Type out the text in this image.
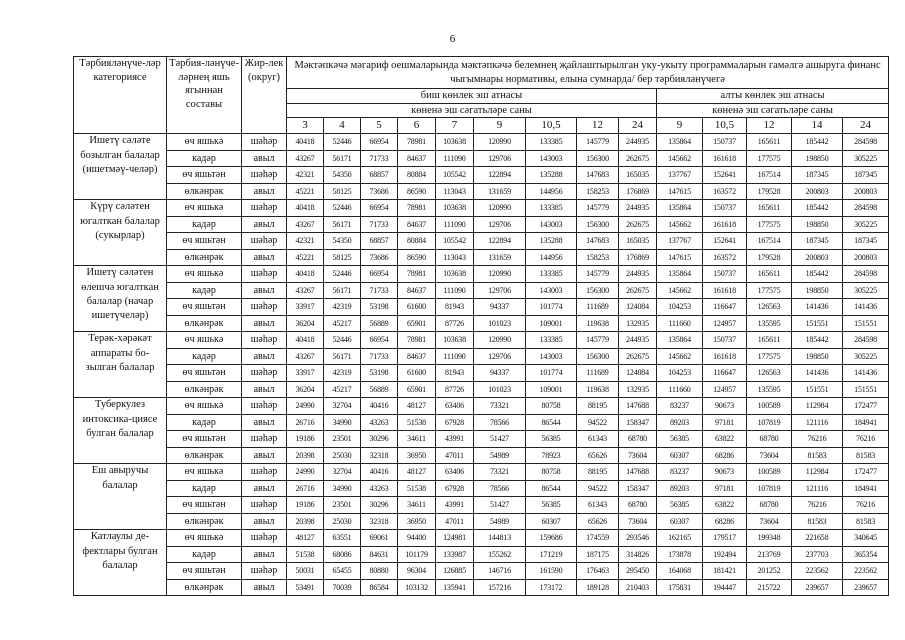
6
Тәрбияләнүче-ләр категориясе	Тәрбия-ләнүче-ләрнең яшь ягыннан составы	Жир-лек (округ)	Мәктәпкәчә мәгариф оешмаларында мәктәпкәчә белемнең җайлаштырылган уку-укыту программаларын гамәлгә ашыруга финанс чыгымнары нормативы, елына сумнарда/ бер тәрбияләнүчегә													
			биш көнлек эш атнасы									алты көнлек эш атнасы				
			көненә эш сәгатьләре саны									көненә эш сәгатьләре саны				
			3	4	5	6	7	9	10,5	12	24	9	10,5	12	14	24
Ишетү сәләте бозылган балалар (ишетмәү-челәр)	өч яшькә	шәһәр	40418	52446	66954	78981	103638	120990	133385	145779	244935	135864	150737	165611	185442	284598
	кадәр	авыл	43267	56171	71733	84637	111090	129706	143003	156300	262675	145662	161618	177575	198850	305225
	өч яшьтән	шәһәр	42321	54350	68857	80884	105542	122894	135288	147683	165035	137767	152641	167514	187345	187345
	өлкәнрәк	авыл	45221	58125	73686	86590	113043	131659	144956	158253	176869	147615	163572	179528	200803	200803
Күрү сәләтен югалткан балалар (сукырлар)	өч яшькә	шәһәр	40418	52446	66954	78981	103638	120990	133385	145779	244935	135864	150737	165611	185442	284598
	кадәр	авыл	43267	56171	71733	84637	111090	129706	143003	156300	262675	145662	161618	177575	198850	305225
	өч яшьтән	шәһәр	42321	54350	68857	80884	105542	122894	135288	147683	165035	137767	152641	167514	187345	187345
	өлкәнрәк	авыл	45221	58125	73686	86590	113043	131659	144956	158253	176869	147615	163572	179528	200803	200803
Ишетү сәләтен өлешчә югалткан балалар (начар ишетүчеләр)	өч яшькә	шәһәр	40418	52446	66954	78981	103638	120990	133385	145779	244935	135864	150737	165611	185442	284598
	кадәр	авыл	43267	56171	71733	84637	111090	129706	143003	156300	262675	145662	161618	177575	198850	305225
	өч яшьтән	шәһәр	33917	42319	53198	61600	81943	94337	101774	111689	124084	104253	116647	126563	141436	141436
	өлкәнрәк	авыл	36204	45217	56889	65901	87726	101023	109001	119638	132935	111660	124957	135595	151551	151551
Терәк-хәрәкәт аппараты бо-зылган балалар	өч яшькә	шәһәр	40418	52446	66954	78981	103638	120990	133385	145779	244935	135864	150737	165611	185442	284598
	кадәр	авыл	43267	56171	71733	84637	111090	129706	143003	156300	262675	145662	161618	177575	198850	305225
	өч яшьтән	шәһәр	33917	42319	53198	61600	81943	94337	101774	111689	124084	104253	116647	126563	141436	141436
	өлкәнрәк	авыл	36204	45217	56889	65901	87726	101023	109001	119638	132935	111660	124957	135595	151551	151551
Туберкулез интоксика-циясе булган балалар	өч яшькә	шәһәр	24990	32704	40416	48127	63406	73321	80758	88195	147688	83237	90673	100589	112984	172477
	кадәр	авыл	26716	34990	43263	51538	67928	78566	86544	94522	158347	89203	97181	107819	121116	184941
	өч яшьтән	шәһәр	19186	23501	30296	34611	43991	51427	56385	61343	68780	56385	63822	68780	76216	76216
	өлкәнрәк	авыл	20398	25030	32318	36950	47011	54989	78923	65626	73604	60307	68286	73604	81583	81583
Еш авыручы балалар	өч яшькә	шәһәр	24990	32704	40416	48127	63406	73321	80758	88195	147688	83237	90673	100589	112984	172477
	кадәр	авыл	26716	34990	43263	51538	67928	78566	86544	94522	158347	89203	97181	107819	121116	184941
	өч яшьтән	шәһәр	19186	23501	30296	34611	43991	51427	56385	61343	68780	56385	63822	68780	76216	76216
	өлкәнрәк	авыл	20398	25030	32318	36950	47011	54989	60307	65626	73604	60307	68286	73604	81583	81583
Катлаулы де-фектлары булган балалар	өч яшькә	шәһәр	48127	63551	69061	94400	124981	144813	159686	174559	293546	162165	179517	199348	221658	340645
	кадәр	авыл	51538	68086	84631	101179	133987	155262	171219	187175	314826	173878	192494	213769	237703	365354
	өч яшьтән	шәһәр	50031	65455	80880	96304	126885	146716	161590	176463	295450	164068	181421	201252	223562	223562
	өлкәнрәк	авыл	53491	70039	86584	103132	135941	157216	173172	189128	210403	175831	194447	215722	239657	239657
